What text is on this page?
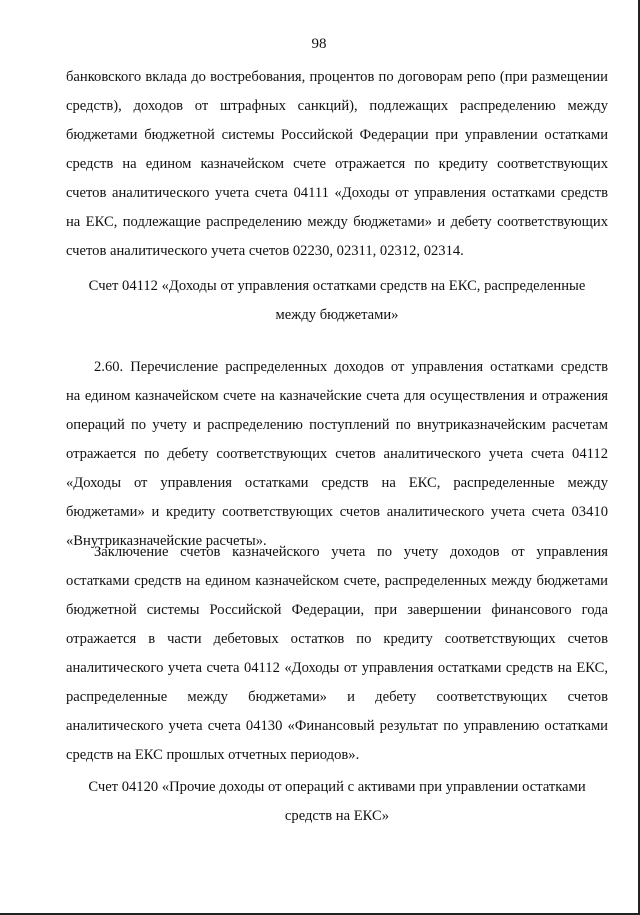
98

банковского вклада до востребования, процентов по договорам репо (при размещении
средств), доходов от штрафных санкций), подлежащих распределению между
бюджетами бюджетной системы Российской Федерации при управлении остатками
средств на едином казначейском счете отражается по кредиту соответствующих
счетов аналитического учета счета 04111 «Доходы от управления остатками средств
на ЕКС, подлежащие распределению между бюджетами» и дебету соответствующих
счетов аналитического учета счетов 02230, 02311, 02312, 02314.

Счет 04112 «Доходы от управления остатками средств на ЕКС, распределенные
между бюджетами»

2.60. Перечисление распределенных доходов от управления остатками средств
на едином казначейском счете на казначейские счета для осуществления и отражения
операций по учету и распределению поступлений по внутриказначейским расчетам
отражается по дебету соответствующих счетов аналитического учета счета 04112
«Доходы от управления остатками средств на ЕКС, распределенные между
бюджетами» и кредиту соответствующих счетов аналитического учета счета 03410
«Внутриказначейские расчеты».

Заключение счетов казначейского учета по учету доходов от управления
остатками средств на едином казначейском счете, распределенных между бюджетами
бюджетной системы Российской Федерации, при завершении финансового года
отражается в части дебетовых остатков по кредиту соответствующих счетов
аналитического учета счета 04112 «Доходы от управления остатками средств на ЕКС,
распределенные между бюджетами» и дебету соответствующих счетов
аналитического учета счета 04130 «Финансовый результат по управлению остатками
средств на ЕКС прошлых отчетных периодов».

Счет 04120 «Прочие доходы от операций с активами при управлении остатками
средств на ЕКС»
